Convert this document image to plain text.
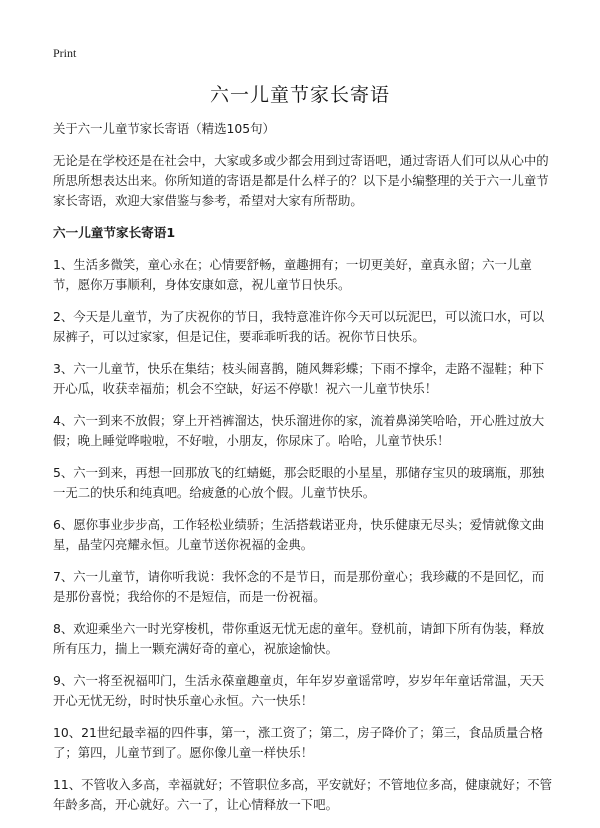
Print
六一儿童节家长寄语

关于六一儿童节家长寄语（精选105句）

无论是在学校还是在社会中，大家或多或少都会用到过寄语吧，通过寄语人们可以从心中的所思所想表达出来。你所知道的寄语是都是什么样子的？以下是小编整理的关于六一儿童节家长寄语，欢迎大家借鉴与参考，希望对大家有所帮助。

六一儿童节家长寄语1

1、生活多微笑，童心永在；心情要舒畅，童趣拥有；一切更美好，童真永留；六一儿童节，愿你万事顺利，身体安康如意，祝儿童节日快乐。

2、今天是儿童节，为了庆祝你的节日，我特意准许你今天可以玩泥巴，可以流口水，可以尿裤子，可以过家家，但是记住，要乖乖听我的话。祝你节日快乐。

3、六一儿童节，快乐在集结；枝头闹喜鹊，随风舞彩蝶；下雨不撑伞，走路不湿鞋；种下开心瓜，收获幸福茄；机会不空缺，好运不停歇！祝六一儿童节快乐！

4、六一到来不放假；穿上开裆裤溜达，快乐溜进你的家，流着鼻涕笑哈哈，开心胜过放大假；晚上睡觉哗啦啦，不好啦，小朋友，你尿床了。哈哈，儿童节快乐！

5、六一到来，再想一回那放飞的红蜻蜓，那会眨眼的小星星，那储存宝贝的玻璃瓶，那独一无二的快乐和纯真吧。给疲惫的心放个假。儿童节快乐。

6、愿你事业步步高，工作轻松业绩骄；生活搭载诺亚舟，快乐健康无尽头；爱情就像文曲星，晶莹闪亮耀永恒。儿童节送你祝福的金典。

7、六一儿童节，请你听我说：我怀念的不是节日，而是那份童心；我珍藏的不是回忆，而是那份喜悦；我给你的不是短信，而是一份祝福。

8、欢迎乘坐六一时光穿梭机，带你重返无忧无虑的童年。登机前，请卸下所有伪装，释放所有压力，揣上一颗充满好奇的童心，祝旅途愉快。

9、六一将至祝福叩门，生活永葆童趣童贞，年年岁岁童谣常哼，岁岁年年童话常温，天天开心无忧无纷，时时快乐童心永恒。六一快乐！

10、21世纪最幸福的四件事，第一，涨工资了；第二，房子降价了；第三，食品质量合格了；第四，儿童节到了。愿你像儿童一样快乐！

11、不管收入多高，幸福就好；不管职位多高，平安就好；不管地位多高，健康就好；不管年龄多高，开心就好。六一了，让心情释放一下吧。
